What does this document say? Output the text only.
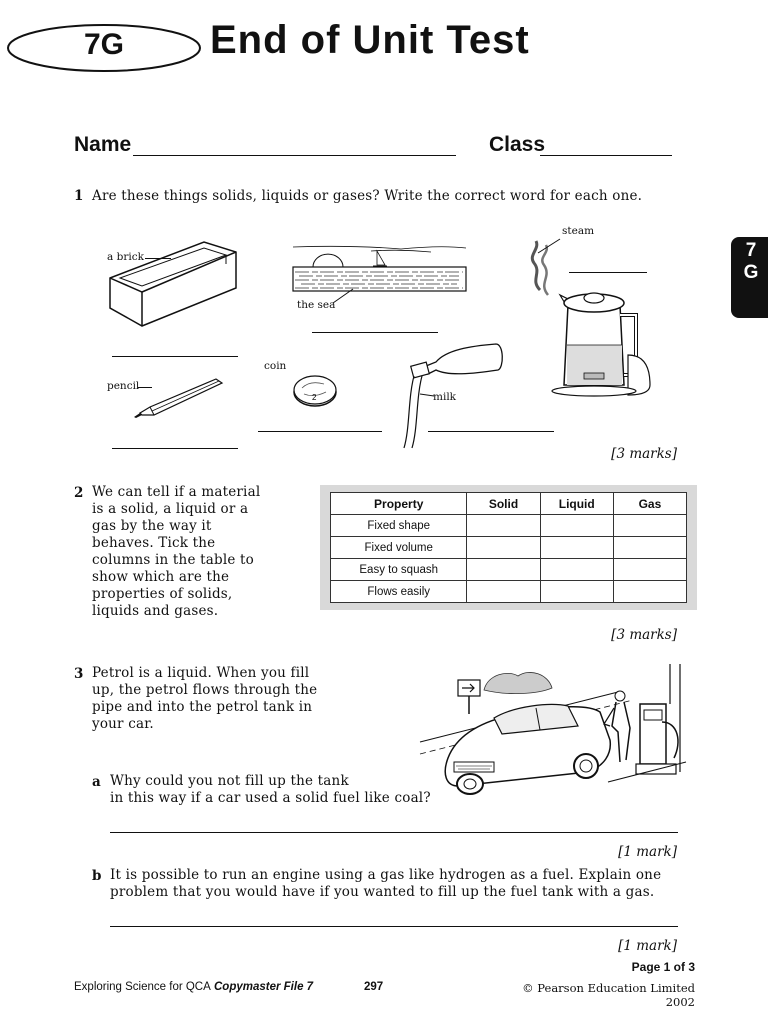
7G	End of Unit Test
Name	Class
7
G
1 Are these things solids, liquids or gases? Write the correct word for each one.
a brick
the sea
steam
pencil
2
coin
milk
[3 marks]
2 We can tell if a material
is a solid, a liquid or a
gas by the way it
behaves. Tick the
columns in the table to
show which are the
properties of solids,
liquids and gases.
Property	Solid	Liquid	Gas
Fixed shape			
Fixed volume			
Easy to squash			
Flows easily			
[3 marks]
3 Petrol is a liquid. When you fill
up, the petrol flows through the
pipe and into the petrol tank in
your car.
a Why could you not fill up the tank
in this way if a car used a solid fuel like coal?
[1 mark]
b It is possible to run an engine using a gas like hydrogen as a fuel. Explain one
problem that you would have if you wanted to fill up the fuel tank with a gas.
[1 mark]
Page 1 of 3
Exploring Science for QCA Copymaster File 7	297	© Pearson Education Limited 2002
